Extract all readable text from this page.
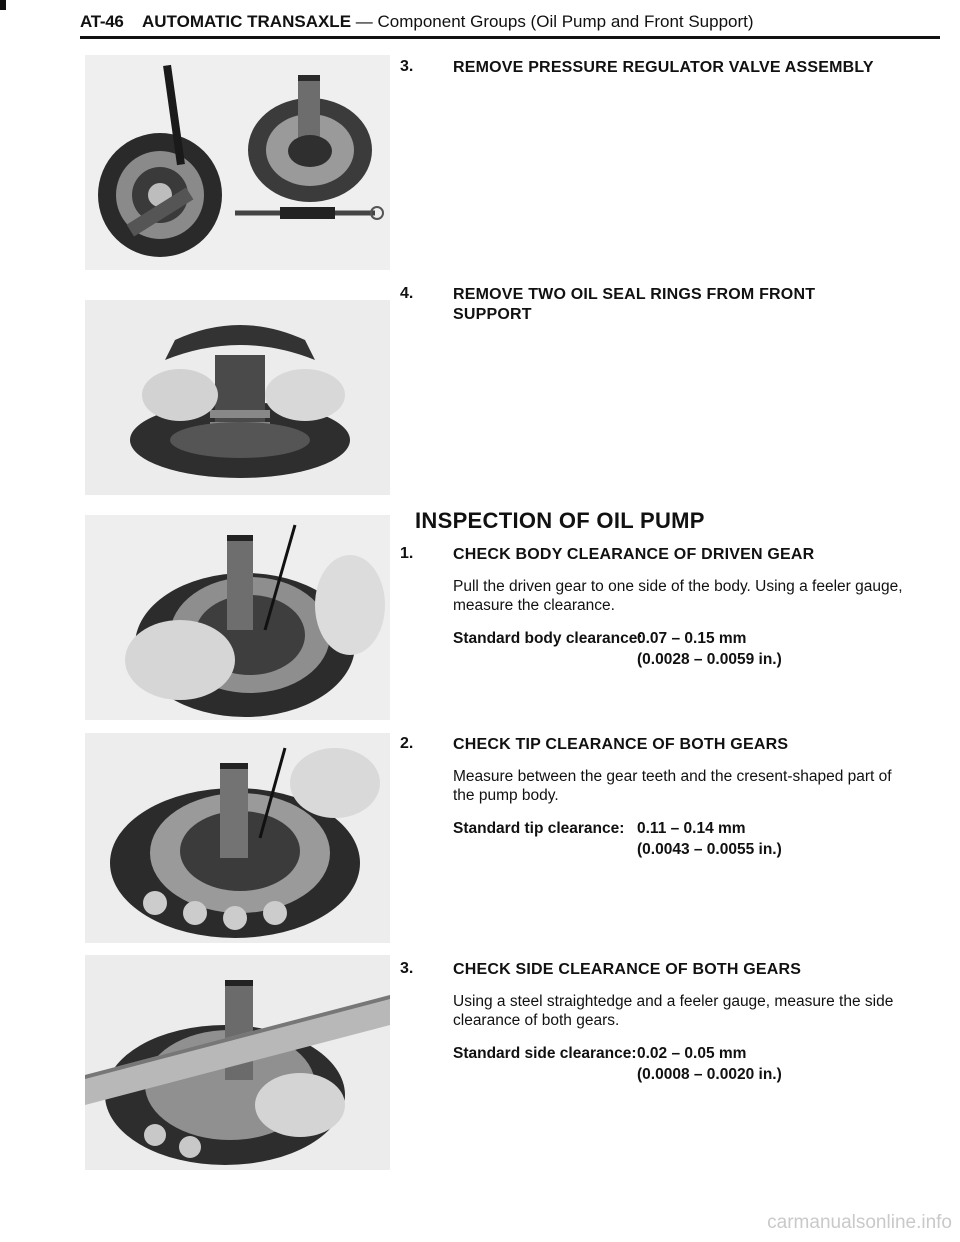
AT-46 AUTOMATIC TRANSAXLE — Component Groups (Oil Pump and Front Support)
3. REMOVE PRESSURE REGULATOR VALVE ASSEMBLY
4. REMOVE TWO OIL SEAL RINGS FROM FRONT SUPPORT
INSPECTION OF OIL PUMP
1. CHECK BODY CLEARANCE OF DRIVEN GEAR
Pull the driven gear to one side of the body. Using a feeler gauge, measure the clearance.
Standard body clearance:
0.07 – 0.15 mm
(0.0028 – 0.0059 in.)
2. CHECK TIP CLEARANCE OF BOTH GEARS
Measure between the gear teeth and the cresent-shaped part of the pump body.
Standard tip clearance: 0.11 – 0.14 mm
(0.0043 – 0.0055 in.)
3. CHECK SIDE CLEARANCE OF BOTH GEARS
Using a steel straightedge and a feeler gauge, measure the side clearance of both gears.
Standard side clearance: 0.02 – 0.05 mm
(0.0008 – 0.0020 in.)
carmanualsonline.info
